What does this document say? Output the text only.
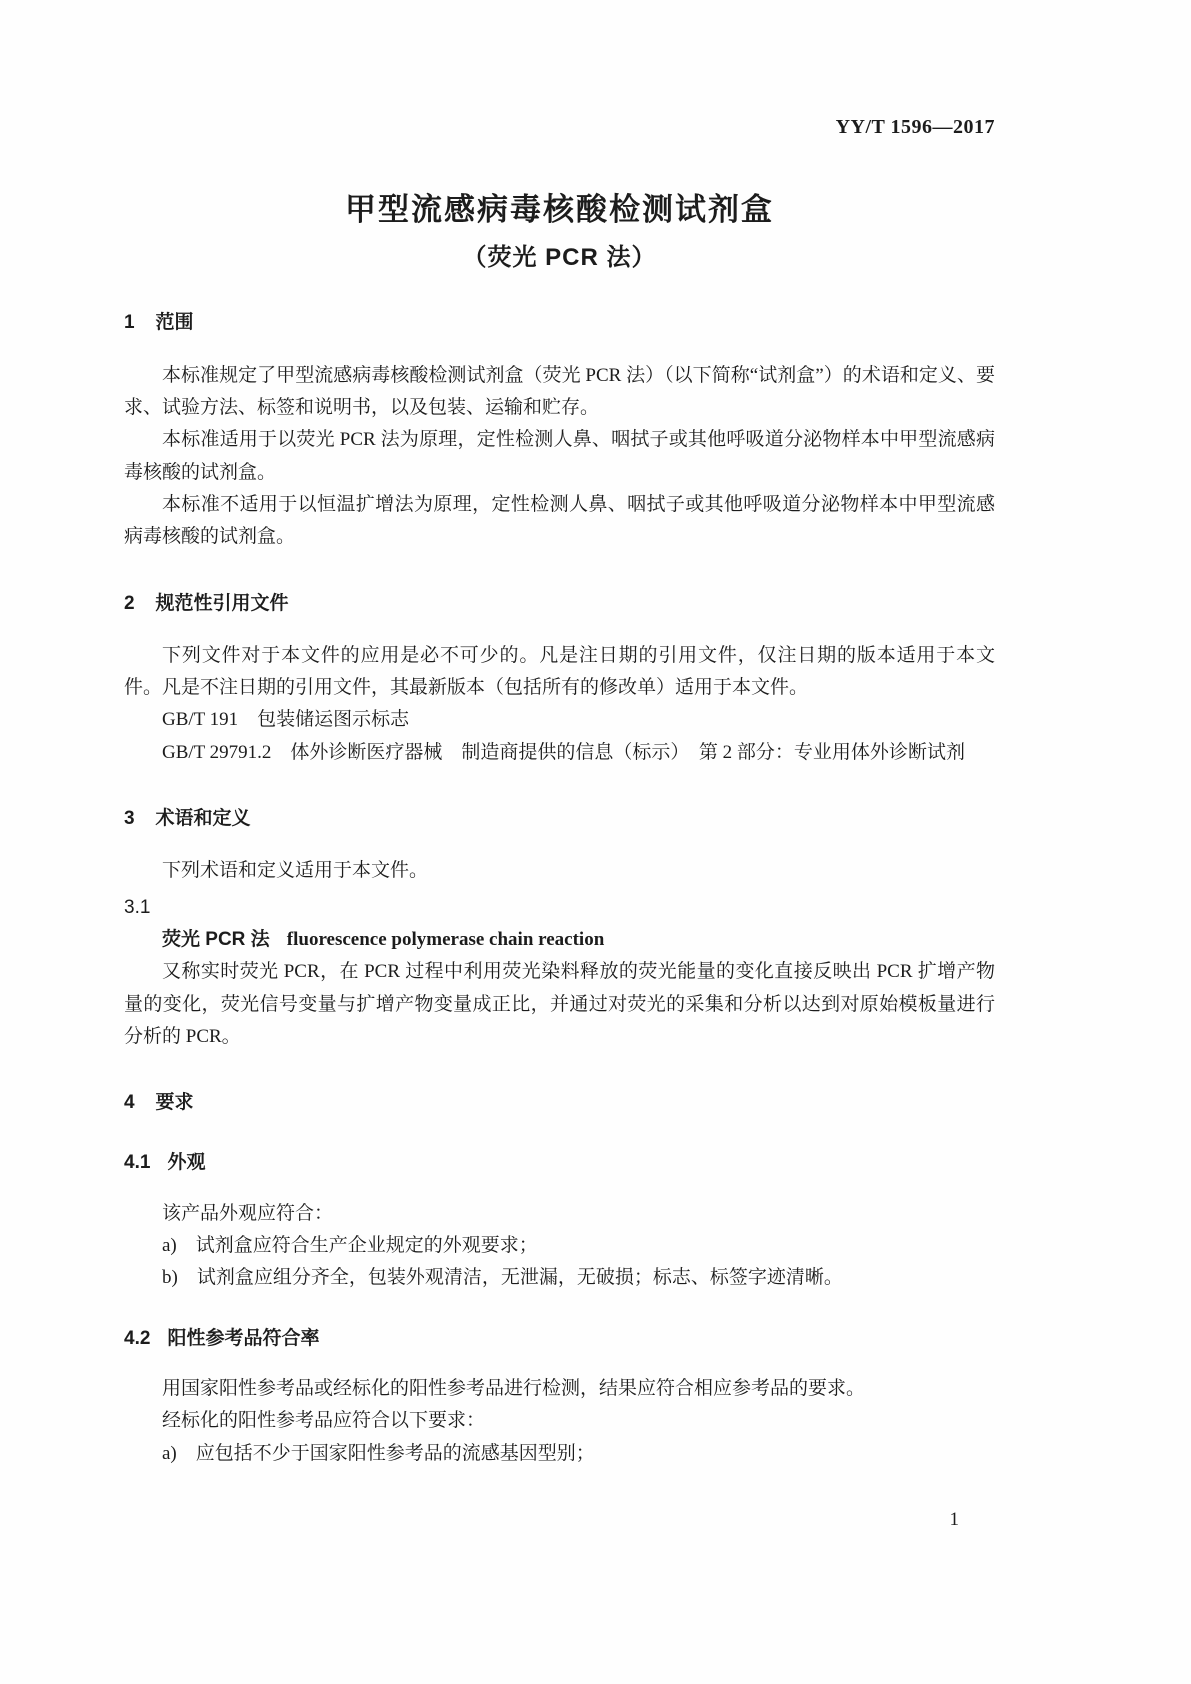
YY/T 1596—2017
甲型流感病毒核酸检测试剂盒
（荧光 PCR 法）
1 范围

本标准规定了甲型流感病毒核酸检测试剂盒（荧光 PCR 法）（以下简称“试剂盒”）的术语和定义、要求、试验方法、标签和说明书，以及包装、运输和贮存。

本标准适用于以荧光 PCR 法为原理，定性检测人鼻、咽拭子或其他呼吸道分泌物样本中甲型流感病毒核酸的试剂盒。

本标准不适用于以恒温扩增法为原理，定性检测人鼻、咽拭子或其他呼吸道分泌物样本中甲型流感病毒核酸的试剂盒。

2 规范性引用文件

下列文件对于本文件的应用是必不可少的。凡是注日期的引用文件，仅注日期的版本适用于本文件。凡是不注日期的引用文件，其最新版本（包括所有的修改单）适用于本文件。

GB/T 191　包装储运图示标志

GB/T 29791.2　体外诊断医疗器械　制造商提供的信息（标示）　第 2 部分：专业用体外诊断试剂

3 术语和定义

下列术语和定义适用于本文件。

3.1

荧光 PCR 法 fluorescence polymerase chain reaction

又称实时荧光 PCR，在 PCR 过程中利用荧光染料释放的荧光能量的变化直接反映出 PCR 扩增产物量的变化，荧光信号变量与扩增产物变量成正比，并通过对荧光的采集和分析以达到对原始模板量进行分析的 PCR。

4 要求
4.1 外观

该产品外观应符合：

a)　试剂盒应符合生产企业规定的外观要求；

b)　试剂盒应组分齐全，包装外观清洁，无泄漏，无破损；标志、标签字迹清晰。

4.2 阳性参考品符合率

用国家阳性参考品或经标化的阳性参考品进行检测，结果应符合相应参考品的要求。

经标化的阳性参考品应符合以下要求：

a)　应包括不少于国家阳性参考品的流感基因型别；

1
